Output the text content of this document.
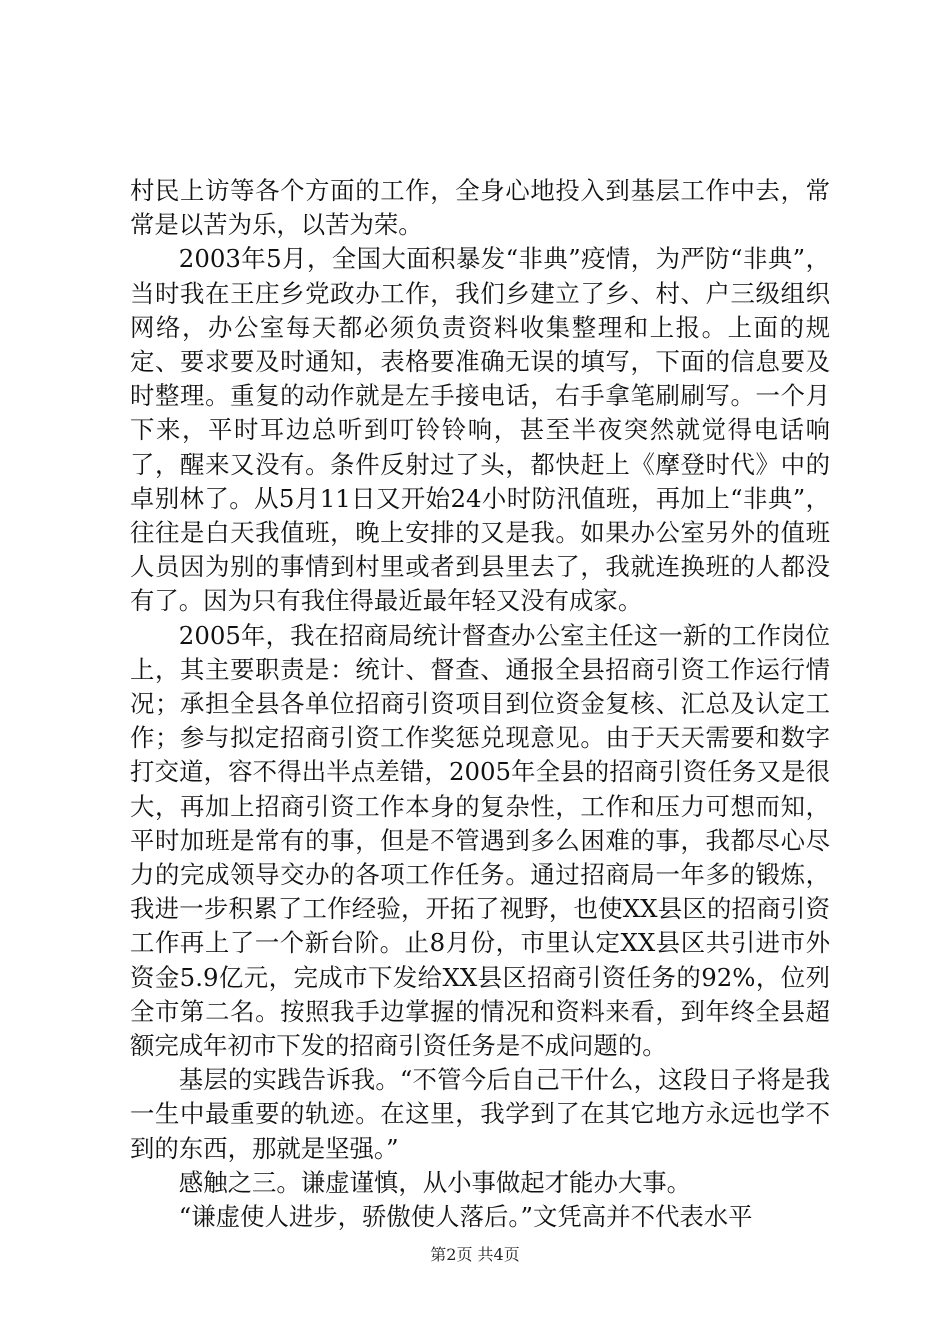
村民上访等各个方面的工作，全身心地投入到基层工作中去，常常是以苦为乐，以苦为荣。

2003年5月，全国大面积暴发“非典”疫情，为严防“非典”，当时我在王庄乡党政办工作，我们乡建立了乡、村、户三级组织网络，办公室每天都必须负责资料收集整理和上报。上面的规定、要求要及时通知，表格要准确无误的填写，下面的信息要及时整理。重复的动作就是左手接电话，右手拿笔刷刷写。一个月下来，平时耳边总听到叮铃铃响，甚至半夜突然就觉得电话响了，醒来又没有。条件反射过了头，都快赶上《摩登时代》中的卓别林了。从5月11日又开始24小时防汛值班，再加上“非典”，往往是白天我值班，晚上安排的又是我。如果办公室另外的值班人员因为别的事情到村里或者到县里去了，我就连换班的人都没有了。因为只有我住得最近最年轻又没有成家。

2005年，我在招商局统计督查办公室主任这一新的工作岗位上，其主要职责是：统计、督查、通报全县招商引资工作运行情况；承担全县各单位招商引资项目到位资金复核、汇总及认定工作；参与拟定招商引资工作奖惩兑现意见。由于天天需要和数字打交道，容不得出半点差错，2005年全县的招商引资任务又是很大，再加上招商引资工作本身的复杂性，工作和压力可想而知，平时加班是常有的事，但是不管遇到多么困难的事，我都尽心尽力的完成领导交办的各项工作任务。通过招商局一年多的锻炼，我进一步积累了工作经验，开拓了视野，也使XX县区的招商引资工作再上了一个新台阶。止8月份，市里认定XX县区共引进市外资金5.9亿元，完成市下发给XX县区招商引资任务的92%，位列全市第二名。按照我手边掌握的情况和资料来看，到年终全县超额完成年初市下发的招商引资任务是不成问题的。

基层的实践告诉我。“不管今后自己干什么，这段日子将是我一生中最重要的轨迹。在这里，我学到了在其它地方永远也学不到的东西，那就是坚强。”

感触之三。谦虚谨慎，从小事做起才能办大事。

“谦虚使人进步，骄傲使人落后。”文凭高并不代表水平

第2页 共4页
